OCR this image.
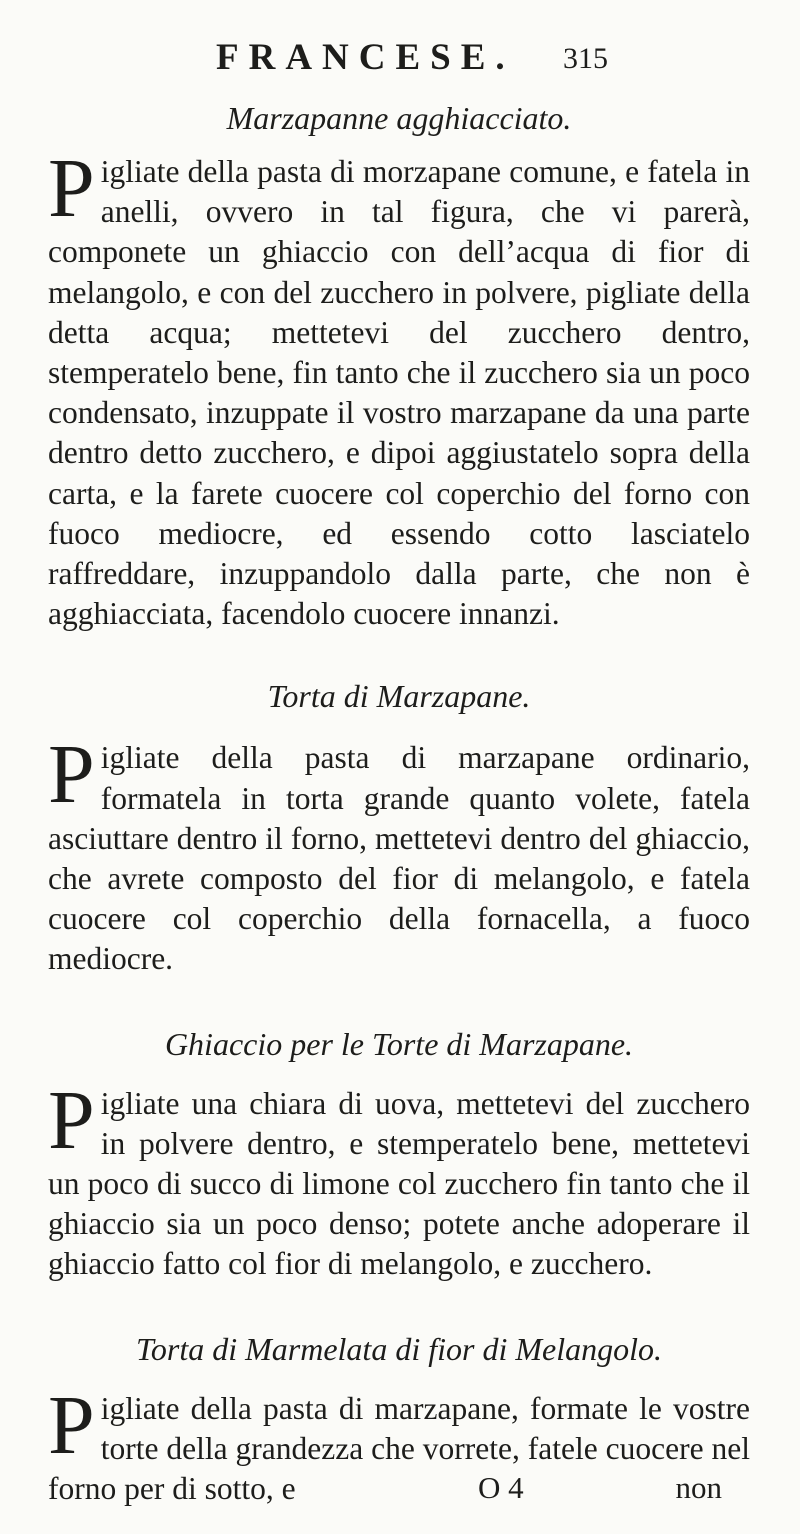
FRANCESE. 315
Marzapanne agghiacciato.

Pigliate della pasta di morzapane comune, e fatela in anelli, ovvero in tal figura, che vi parerà, componete un ghiaccio con dell’acqua di fior di melangolo, e con del zucchero in polvere, pigliate della detta acqua; mettetevi del zucchero dentro, stemperatelo bene, fin tanto che il zucchero sia un poco condensato, inzuppate il vostro marzapane da una parte dentro detto zucchero, e dipoi aggiustatelo sopra della carta, e la farete cuocere col coperchio del forno con fuoco mediocre, ed essendo cotto lasciatelo raffreddare, inzuppandolo dalla parte, che non è agghiacciata, facendolo cuocere innanzi.

Torta di Marzapane.

Pigliate della pasta di marzapane ordinario, formatela in torta grande quanto volete, fatela asciuttare dentro il forno, mettetevi dentro del ghiaccio, che avrete composto del fior di melangolo, e fatela cuocere col coperchio della fornacella, a fuoco mediocre.

Ghiaccio per le Torte di Marzapane.

Pigliate una chiara di uova, mettetevi del zucchero in polvere dentro, e stemperatelo bene, mettetevi un poco di succo di limone col zucchero fin tanto che il ghiaccio sia un poco denso; potete anche adoperare il ghiaccio fatto col fior di melangolo, e zucchero.

Torta di Marmelata di fior di Melangolo.

Pigliate della pasta di marzapane, formate le vostre torte della grandezza che vorrete, fatele cuocere nel forno per di sotto, e	O 4	non
